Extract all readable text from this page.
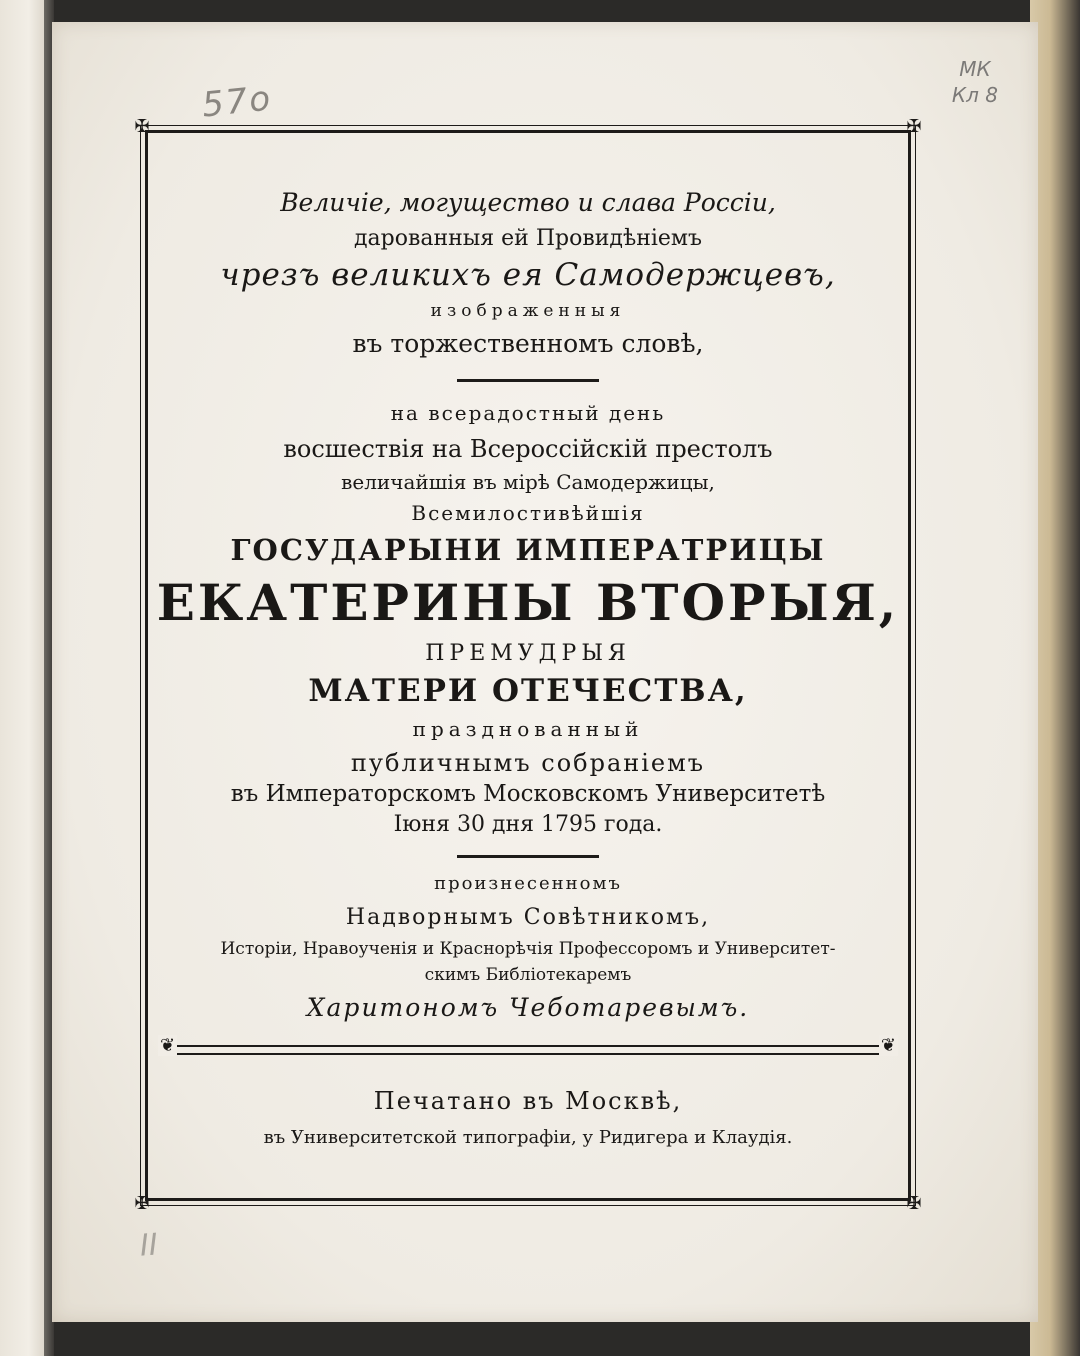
57о
МК
Кл 8
II
✠	✠
✠	✠
Величіе, могущество и слава Россіи,
дарованныя ей Провидѣніемъ
чрезъ великихъ ея Самодержцевъ,
изображенныя
въ торжественномъ словѣ,
на всерадостный день
восшествія на Всероссійскій престолъ
величайшія въ мірѣ Самодержицы,
Всемилостивѣйшія
ГОСУДАРЫНИ ИМПЕРАТРИЦЫ
ЕКАТЕРИНЫ ВТОРЫЯ,
ПРЕМУДРЫЯ
МАТЕРИ ОТЕЧЕСТВА,
празднованный
публичнымъ собраніемъ
въ Императорскомъ Московскомъ Университетѣ
Іюня 30 дня 1795 года.
произнесенномъ
Надворнымъ Совѣтникомъ,
Исторіи, Нравоученія и Краснорѣчія Профессоромъ и Университет-
скимъ Библіотекаремъ
Харитономъ Чеботаревымъ.
❦	❦
Печатано въ Москвѣ,
въ Университетской типографіи, у Ридигера и Клаудія.
